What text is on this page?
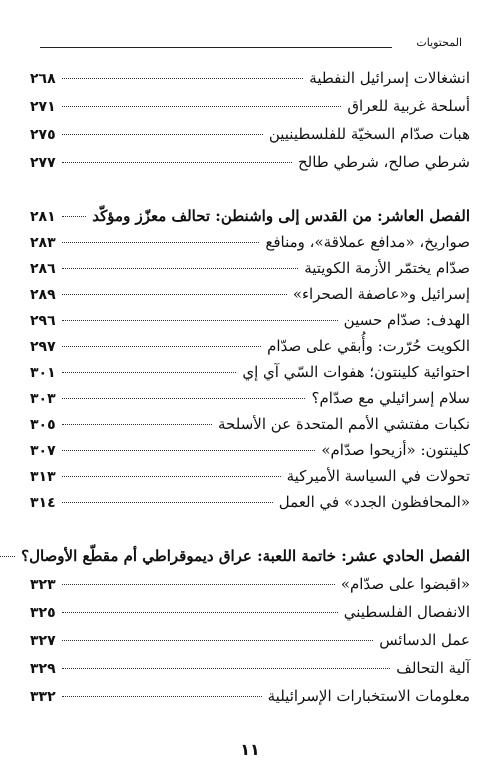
المحتويات
انشغالات إسرائيل النفطية
٢٦٨
أسلحة غربية للعراق
٢٧١
هبات صدّام السخيّة للفلسطينيين
٢٧٥
شرطي صالح، شرطي طالح
٢٧٧
الفصل العاشر: من القدس إلى واشنطن: تحالف معزّز ومؤكّد
٢٨١
صواريخ، «مدافع عملاقة»، ومنافع
٢٨٣
صدّام يختمّر الأزمة الكويتية
٢٨٦
إسرائيل و«عاصفة الصحراء»
٢٨٩
الهدف: صدّام حسين
٢٩٦
الكويت حُرّرت: وأُبقي على صدّام
٢٩٧
احتوائية كلينتون؛ هفوات السّي آي إي
٣٠١
سلام إسرائيلي مع صدّام؟
٣٠٣
نكبات مفتشي الأمم المتحدة عن الأسلحة
٣٠٥
كلينتون: «أزيحوا صدّام»
٣٠٧
تحولات في السياسة الأميركية
٣١٣
«المحافظون الجدد» في العمل
٣١٤
الفصل الحادي عشر: خاتمة اللعبة: عراق ديموقراطي أم مقطّع الأوصال؟
«اقبضوا على صدّام»
٣٢٣
الانفصال الفلسطيني
٣٢٥
عمل الدسائس
٣٢٧
آلية التحالف
٣٢٩
معلومات الاستخبارات الإسرائيلية
٣٣٢
١١
